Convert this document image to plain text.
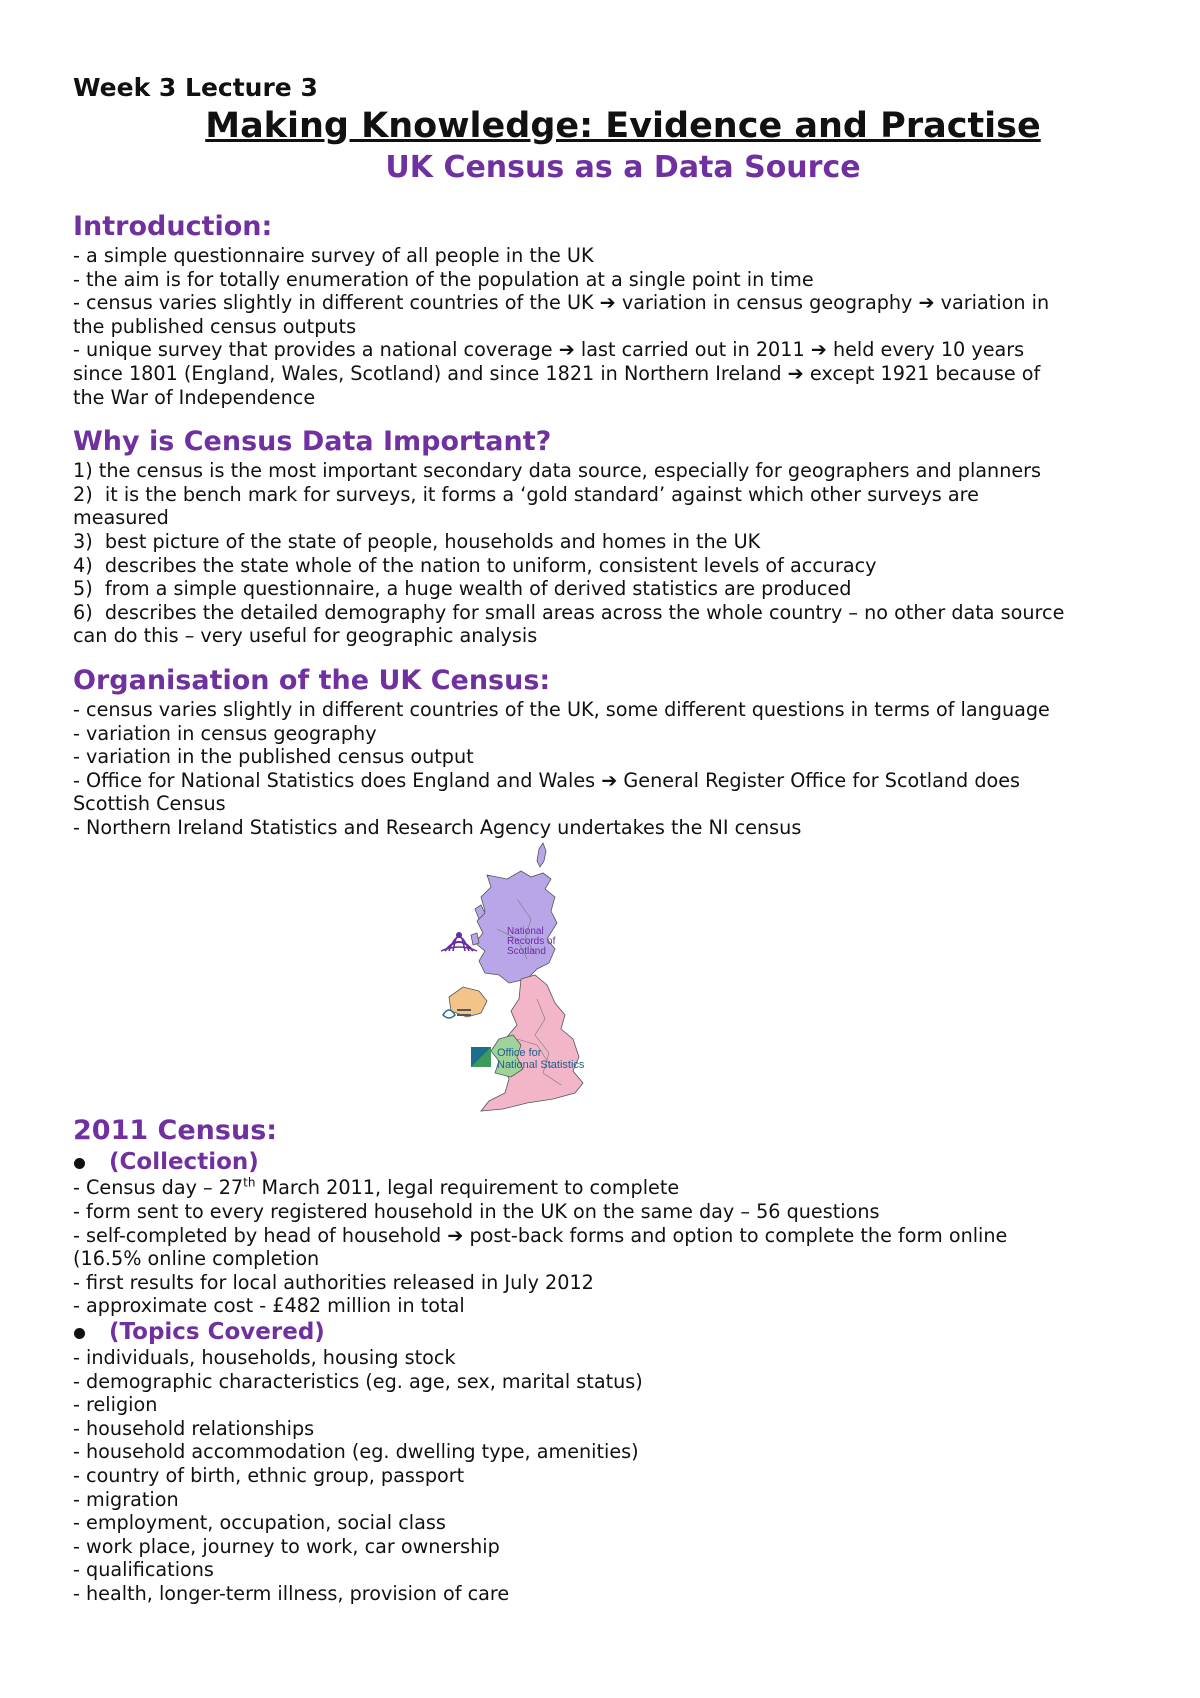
Week 3 Lecture 3

Making Knowledge: Evidence and Practise
UK Census as a Data Source
Introduction:

- a simple questionnaire survey of all people in the UK

- the aim is for totally enumeration of the population at a single point in time

- census varies slightly in different countries of the UK ➔ variation in census geography ➔ variation in

the published census outputs

- unique survey that provides a national coverage ➔ last carried out in 2011 ➔ held every 10 years

since 1801 (England, Wales, Scotland) and since 1821 in Northern Ireland ➔ except 1921 because of

the War of Independence

Why is Census Data Important?

1) the census is the most important secondary data source, especially for geographers and planners

2)  it is the bench mark for surveys, it forms a ‘gold standard’ against which other surveys are

measured

3)  best picture of the state of people, households and homes in the UK

4)  describes the state whole of the nation to uniform, consistent levels of accuracy

5)  from a simple questionnaire, a huge wealth of derived statistics are produced

6)  describes the detailed demography for small areas across the whole country – no other data source

can do this – very useful for geographic analysis

Organisation of the UK Census:

- census varies slightly in different countries of the UK, some different questions in terms of language

- variation in census geography

- variation in the published census output

- Office for National Statistics does England and Wales ➔ General Register Office for Scotland does

Scottish Census

- Northern Ireland Statistics and Research Agency undertakes the NI census

National
Records of
Scotland
Office for
National Statistics
2011 Census:
(Collection)

- Census day – 27th March 2011, legal requirement to complete

- form sent to every registered household in the UK on the same day – 56 questions

- self-completed by head of household ➔ post-back forms and option to complete the form online

(16.5% online completion

- first results for local authorities released in July 2012

- approximate cost - £482 million in total

(Topics Covered)

- individuals, households, housing stock

- demographic characteristics (eg. age, sex, marital status)

- religion

- household relationships

- household accommodation (eg. dwelling type, amenities)

- country of birth, ethnic group, passport

- migration

- employment, occupation, social class

- work place, journey to work, car ownership

- qualifications

- health, longer-term illness, provision of care
